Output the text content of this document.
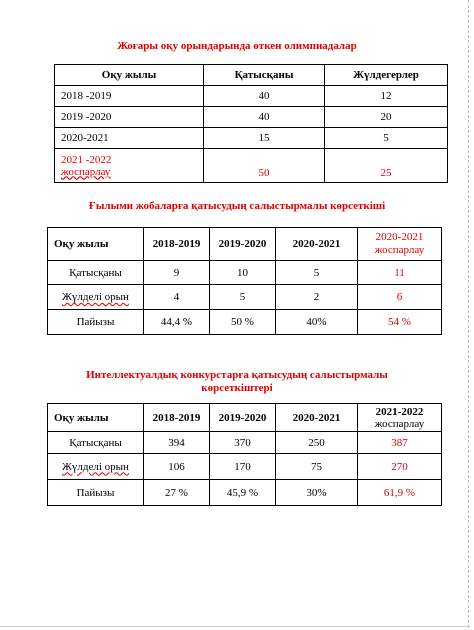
Жоғары оқу орындарында өткен олимпиадалар
Оқу жылы	Қатысқаны	Жүлдегерлер
2018 -2019	40	12
2019 -2020	40	20
2020-2021	15	5

2021 -2022
жоспарлау	50	25
Ғылыми жобаларға қатысудың салыстырмалы көрсеткіші
Оқу жылы	2018-2019	2019-2020	2020-2021	2020-2021
жоспарлау

Қатысқаны	9	10	5	11
Жүлделі орын	4	5	2	6
Пайызы	44,4 %	50 %	40%	54 %
Интеллектуалдық конкурстарға қатысудың салыстырмалы
көрсеткіштері
Оқу жылы	2018-2019	2019-2020	2020-2021	2021-2022
жоспарлау

Қатысқаны	394	370	250	387
Жүлделі орын	106	170	75	270
Пайызы	27 %	45,9 %	30%	61,9 %
